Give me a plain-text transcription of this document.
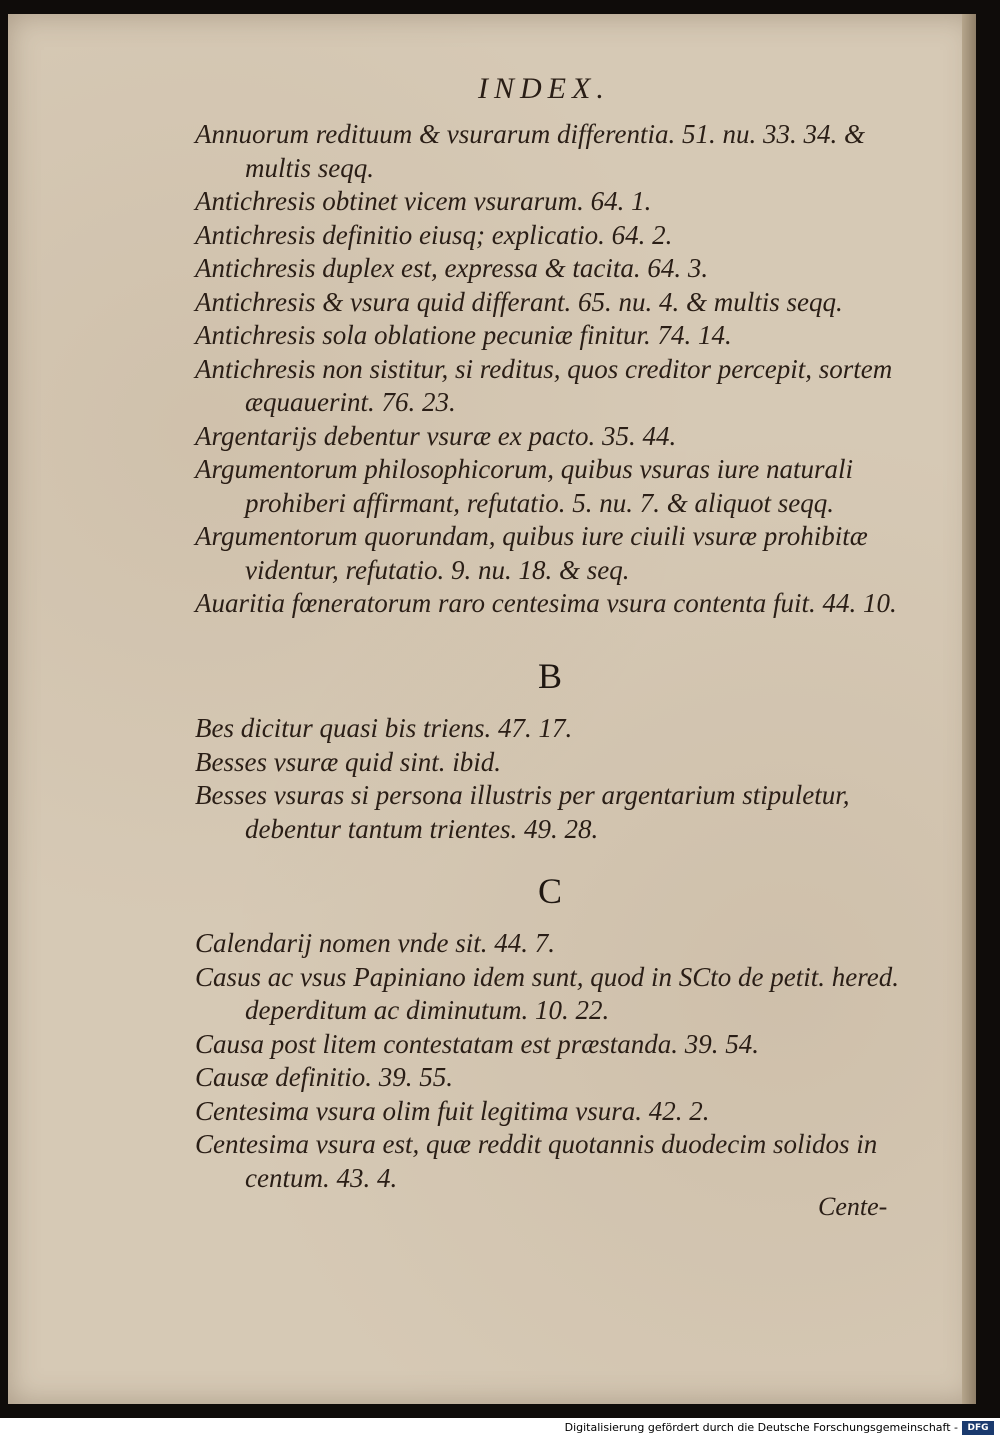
INDEX.

Annuorum redituum & vsurarum differentia. 51. nu. 33. 34. & multis seqq.

Antichresis obtinet vicem vsurarum. 64. 1.

Antichresis definitio eiusq; explicatio. 64. 2.

Antichresis duplex est, expressa & tacita. 64. 3.

Antichresis & vsura quid differant. 65. nu. 4. & multis seqq.

Antichresis sola oblatione pecuniæ finitur. 74. 14.

Antichresis non sistitur, si reditus, quos creditor percepit, sortem æquauerint. 76. 23.

Argentarijs debentur vsuræ ex pacto. 35. 44.

Argumentorum philosophicorum, quibus vsuras iure naturali prohiberi affirmant, refutatio. 5. nu. 7. & aliquot seqq.

Argumentorum quorundam, quibus iure ciuili vsuræ prohibitæ videntur, refutatio. 9. nu. 18. & seq.

Auaritia fœneratorum raro centesima vsura contenta fuit. 44. 10.

B

Bes dicitur quasi bis triens. 47. 17.

Besses vsuræ quid sint. ibid.

Besses vsuras si persona illustris per argentarium stipuletur, debentur tantum trientes. 49. 28.

C

Calendarij nomen vnde sit. 44. 7.

Casus ac vsus Papiniano idem sunt, quod in SCto de petit. hered. deperditum ac diminutum. 10. 22.

Causa post litem contestatam est præstanda. 39. 54.

Causæ definitio. 39. 55.

Centesima vsura olim fuit legitima vsura. 42. 2.

Centesima vsura est, quæ reddit quotannis duodecim solidos in centum. 43. 4.

Cente-
Digitalisierung gefördert durch die Deutsche Forschungsgemeinschaft -	DFG
